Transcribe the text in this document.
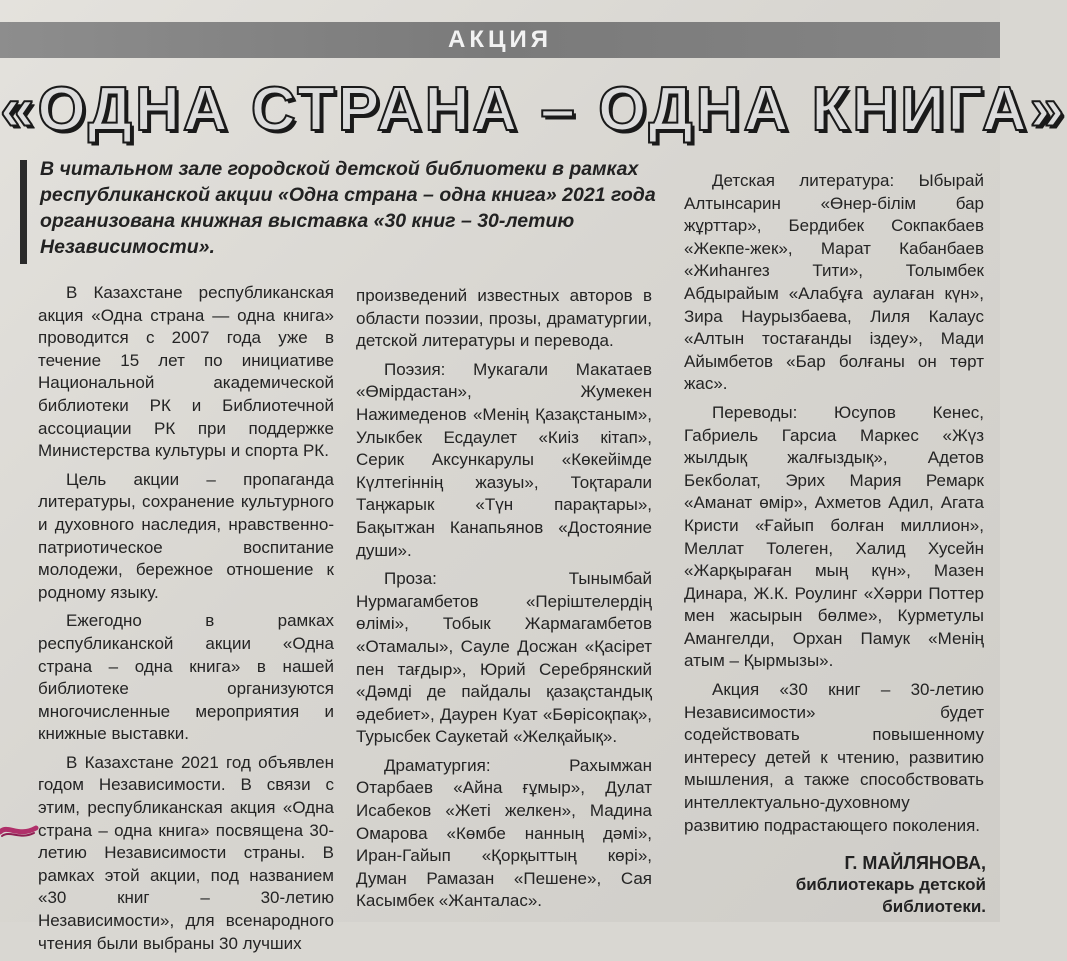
АКЦИЯ
«ОДНА СТРАНА – ОДНА КНИГА»
В читальном зале городской детской библиотеки в рамках республиканской акции «Одна страна – одна книга» 2021 года организована книжная выставка «30 книг – 30-летию Независимости».

В Казахстане республиканская акция «Одна страна — одна книга» проводится с 2007 года уже в течение 15 лет по инициативе Национальной академической библиотеки РК и Библиотечной ассоциации РК при поддержке Министерства культуры и спорта РК.

Цель акции – пропаганда литературы, сохранение культурного и духовного наследия, нравственно-патриотическое воспитание молодежи, бережное отношение к родному языку.

Ежегодно в рамках республиканской акции «Одна страна – одна книга» в нашей библиотеке организуются многочисленные мероприятия и книжные выставки.

В Казахстане 2021 год объявлен годом Независимости. В связи с этим, республиканская акция «Одна страна – одна книга» посвящена 30-летию Независимости страны. В рамках этой акции, под названием «30 книг – 30-летию Независимости», для всенародного чтения были выбраны 30 лучших

произведений известных авторов в области поэзии, прозы, драматургии, детской литературы и перевода.

Поэзия: Мукагали Макатаев «Өмірдастан», Жумекен Нажимеденов «Менің Қазақстаным», Улыкбек Есдаулет «Киіз кітап», Серик Аксункарулы «Көкейімде Күлтегіннің жазуы», Тоқтарали Таңжарык «Түн парақтары», Бақытжан Канапьянов «Достояние души».

Проза: Тынымбай Нурмагамбетов «Періштелердің өлімі», Тобык Жармагамбетов «Отамалы», Сауле Досжан «Қасірет пен тағдыр», Юрий Серебрянский «Дәмді де пайдалы қазақстандық әдебиет», Даурен Куат «Бөрісоқпақ», Турысбек Саукетай «Желқайық».

Драматургия: Рахымжан Отарбаев «Айна ғұмыр», Дулат Исабеков «Жеті желкен», Мадина Омарова «Көмбе нанның дәмі», Иран-Гайып «Қорқыттың көрі», Думан Рамазан «Пешене», Сая Касымбек «Жанталас».

Детская литература: Ыбырай Алтынсарин «Өнер-білім бар жұрттар», Бердибек Сокпакбаев «Жекпе-жек», Марат Кабанбаев «Жиһангез Тити», Толымбек Абдырайым «Алабұға аулаған күн», Зира Наурызбаева, Лиля Калаус «Алтын тостағанды іздеу», Мади Айымбетов «Бар болғаны он төрт жас».

Переводы: Юсупов Кенес, Габриель Гарсиа Маркес «Жүз жылдық жалғыздық», Адетов Бекболат, Эрих Мария Ремарк «Аманат өмір», Ахметов Адил, Агата Кристи «Ғайып болған миллион», Меллат Толеген, Халид Хусейн «Жарқыраған мың күн», Мазен Динара, Ж.К. Роулинг «Хәрри Поттер мен жасырын бөлме», Курметулы Амангелди, Орхан Памук «Менің атым – Қырмызы».

Акция «30 книг – 30-летию Независимости» будет содействовать повышенному интересу детей к чтению, развитию мышления, а также способствовать интеллектуально-духовному развитию подрастающего поколения.

Г. МАЙЛЯНОВА,
библиотекарь детской
библиотеки.
